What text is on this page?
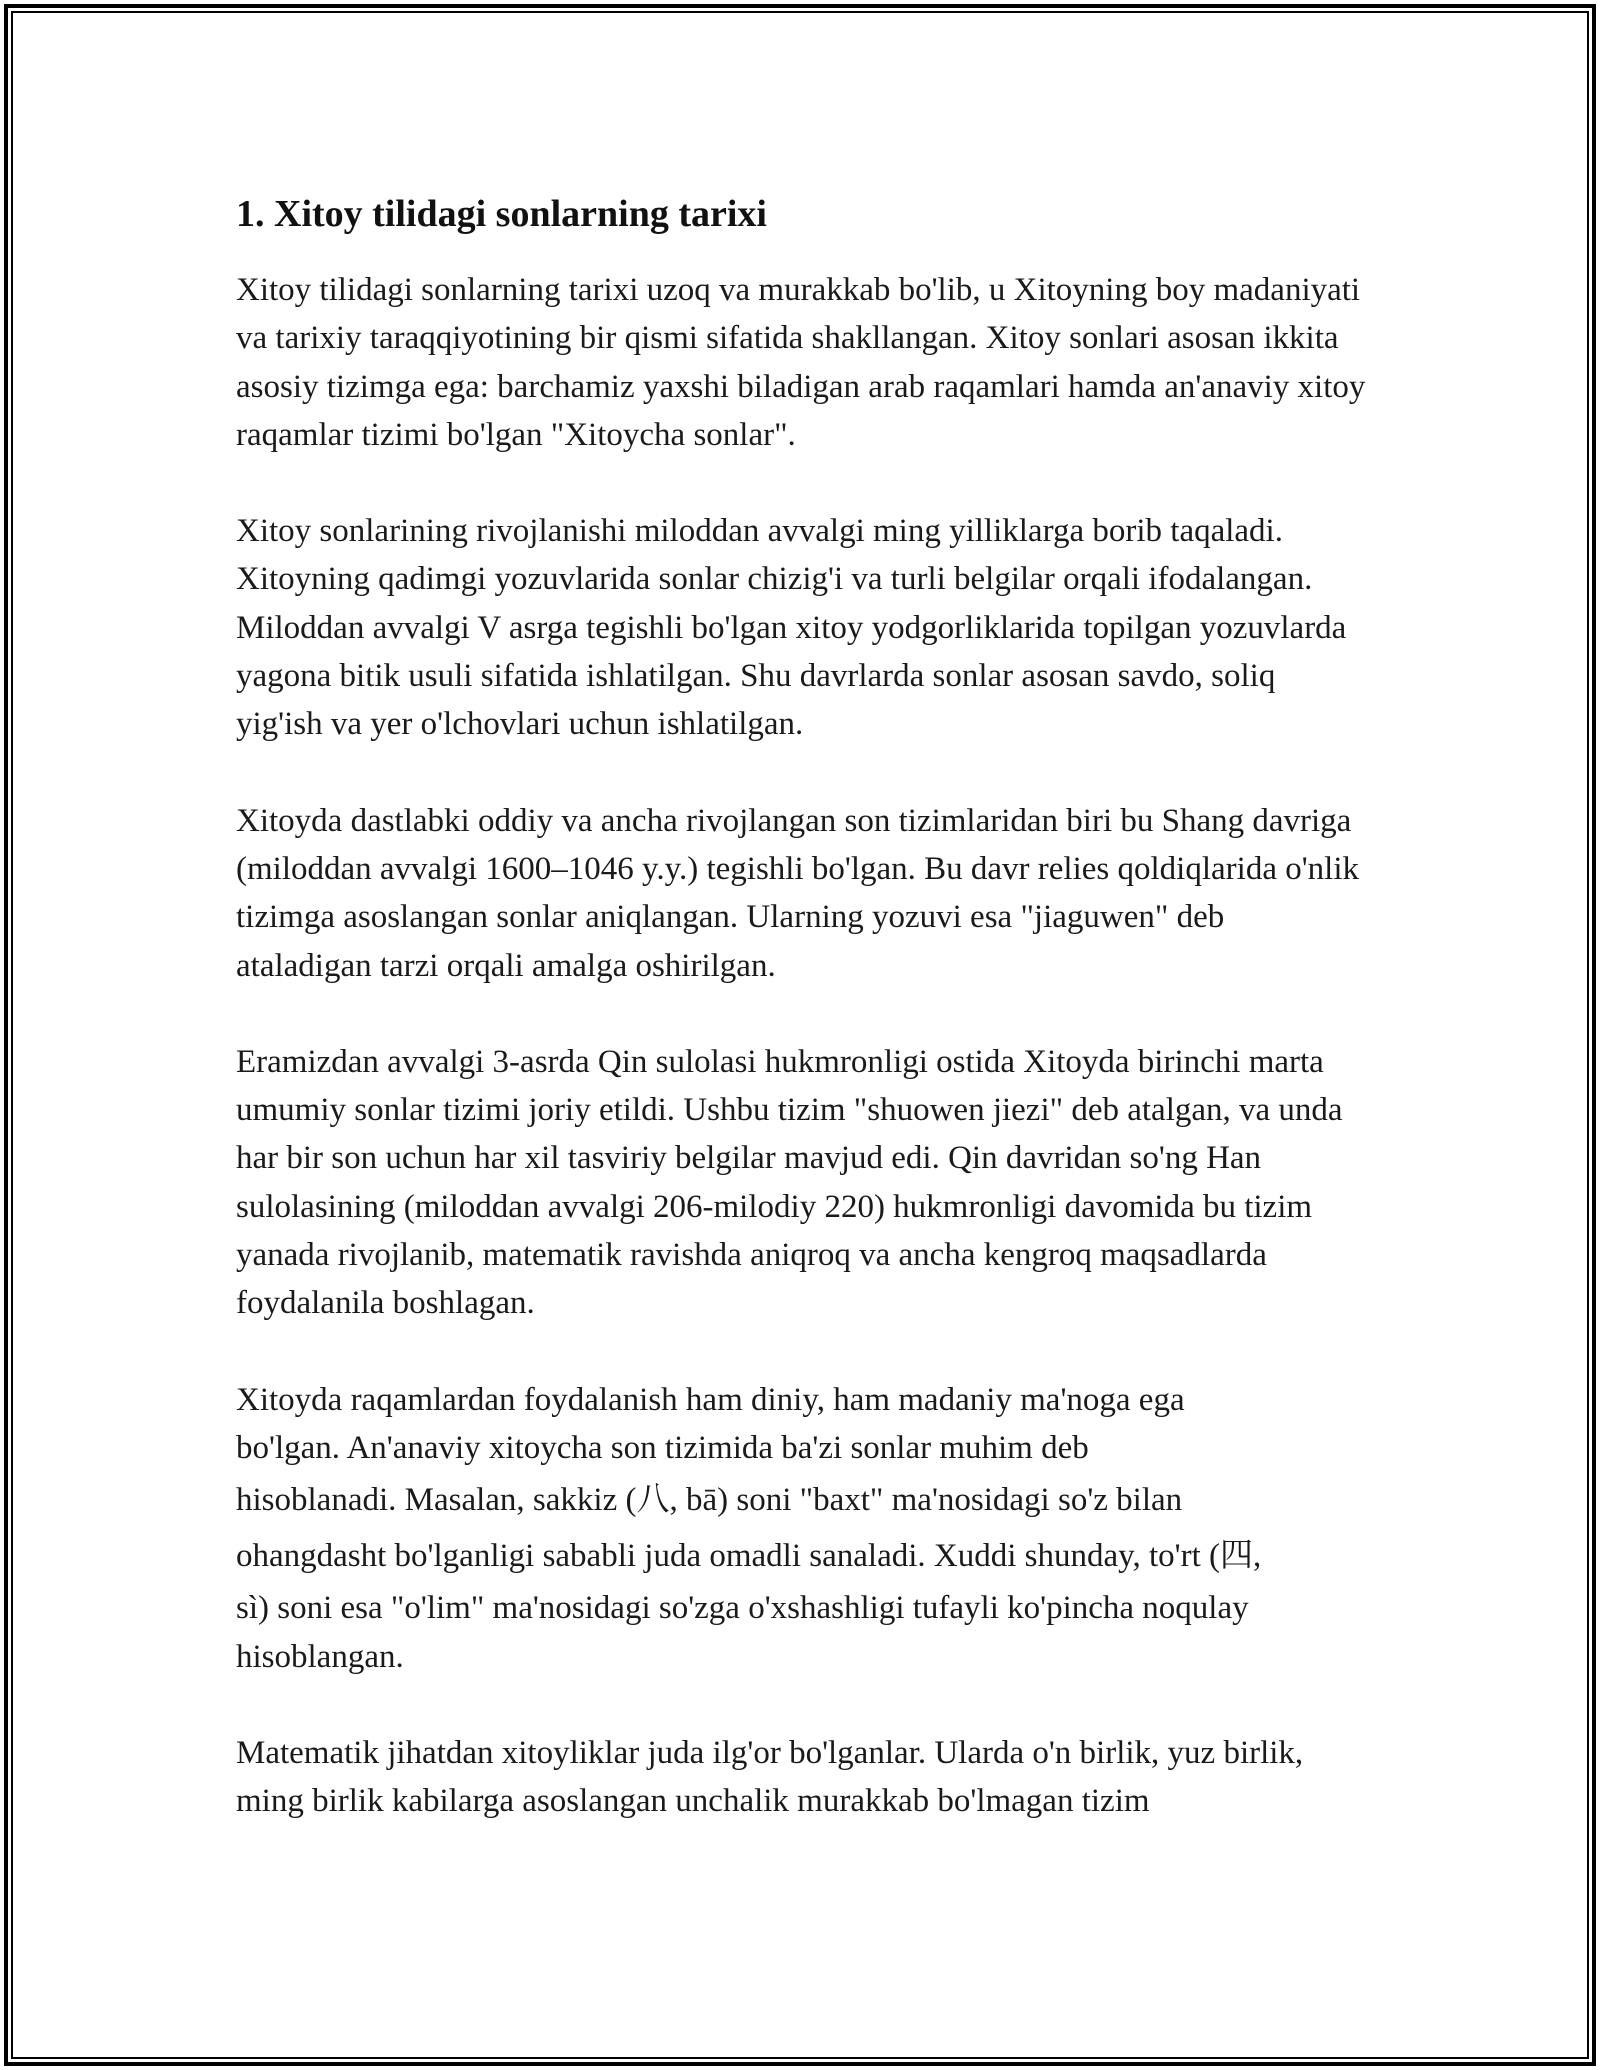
1. Xitoy tilidagi sonlarning tarixi

Xitoy tilidagi sonlarning tarixi uzoq va murakkab bo'lib, u Xitoyning boy madaniyati va tarixiy taraqqiyotining bir qismi sifatida shakllangan. Xitoy sonlari asosan ikkita asosiy tizimga ega: barchamiz yaxshi biladigan arab raqamlari hamda an'anaviy xitoy raqamlar tizimi bo'lgan "Xitoycha sonlar".

Xitoy sonlarining rivojlanishi miloddan avvalgi ming yilliklarga borib taqaladi. Xitoyning qadimgi yozuvlarida sonlar chizig'i va turli belgilar orqali ifodalangan. Miloddan avvalgi V asrga tegishli bo'lgan xitoy yodgorliklarida topilgan yozuvlarda yagona bitik usuli sifatida ishlatilgan. Shu davrlarda sonlar asosan savdo, soliq yig'ish va yer o'lchovlari uchun ishlatilgan.

Xitoyda dastlabki oddiy va ancha rivojlangan son tizimlaridan biri bu Shang davriga (miloddan avvalgi 1600–1046 y.y.) tegishli bo'lgan. Bu davr relies qoldiqlarida o'nlik tizimga asoslangan sonlar aniqlangan. Ularning yozuvi esa "jiaguwen" deb ataladigan tarzi orqali amalga oshirilgan.

Eramizdan avvalgi 3-asrda Qin sulolasi hukmronligi ostida Xitoyda birinchi marta umumiy sonlar tizimi joriy etildi. Ushbu tizim "shuowen jiezi" deb atalgan, va unda har bir son uchun har xil tasviriy belgilar mavjud edi. Qin davridan so'ng Han sulolasining (miloddan avvalgi 206-milodiy 220) hukmronligi davomida bu tizim yanada rivojlanib, matematik ravishda aniqroq va ancha kengroq maqsadlarda foydalanila boshlagan.

Xitoyda raqamlardan foydalanish ham diniy, ham madaniy ma'noga ega
bo'lgan. An'anaviy xitoycha son tizimida ba'zi sonlar muhim deb

hisoblanadi. Masalan, sakkiz (八, bā) soni "baxt" ma'nosidagi so'z bilan
ohangdasht bo'lganligi sababli juda omadli sanaladi. Xuddi shunday, to'rt (四,
sì) soni esa "o'lim" ma'nosidagi so'zga o'xshashligi tufayli ko'pincha noqulay
hisoblangan.

Matematik jihatdan xitoyliklar juda ilg'or bo'lganlar. Ularda o'n birlik, yuz birlik, ming birlik kabilarga asoslangan unchalik murakkab bo'lmagan tizim
